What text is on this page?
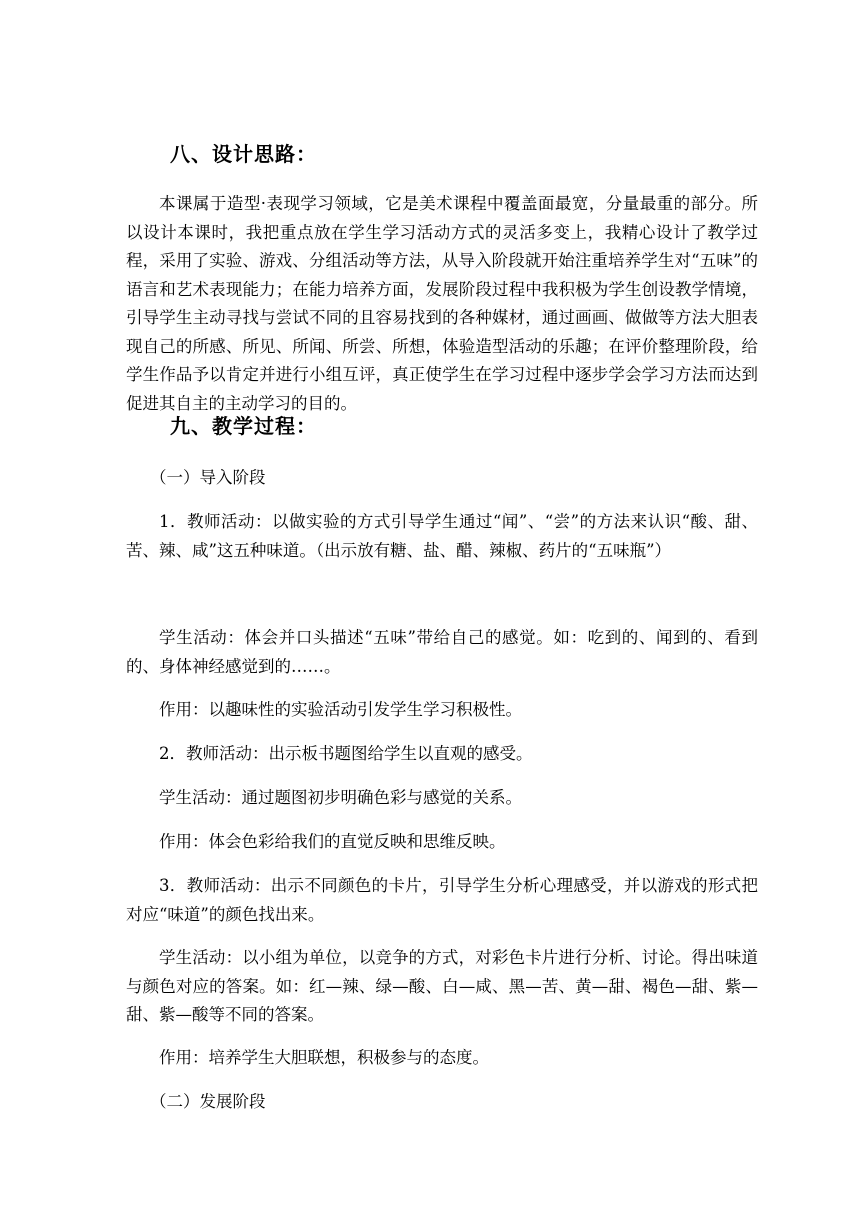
八、设计思路：

本课属于造型·表现学习领域，它是美术课程中覆盖面最宽，分量最重的部分。所以设计本课时，我把重点放在学生学习活动方式的灵活多变上，我精心设计了教学过程，采用了实验、游戏、分组活动等方法，从导入阶段就开始注重培养学生对“五味”的语言和艺术表现能力；在能力培养方面，发展阶段过程中我积极为学生创设教学情境，引导学生主动寻找与尝试不同的且容易找到的各种媒材，通过画画、做做等方法大胆表现自己的所感、所见、所闻、所尝、所想，体验造型活动的乐趣；在评价整理阶段，给学生作品予以肯定并进行小组互评，真正使学生在学习过程中逐步学会学习方法而达到促进其自主的主动学习的目的。

九、教学过程：

（一）导入阶段

1．教师活动：以做实验的方式引导学生通过“闻”、“尝”的方法来认识“酸、甜、苦、辣、咸”这五种味道。（出示放有糖、盐、醋、辣椒、药片的“五味瓶”）

学生活动：体会并口头描述“五味”带给自己的感觉。如：吃到的、闻到的、看到的、身体神经感觉到的……。

作用：以趣味性的实验活动引发学生学习积极性。

2．教师活动：出示板书题图给学生以直观的感受。

学生活动：通过题图初步明确色彩与感觉的关系。

作用：体会色彩给我们的直觉反映和思维反映。

3．教师活动：出示不同颜色的卡片，引导学生分析心理感受，并以游戏的形式把对应“味道”的颜色找出来。

学生活动：以小组为单位，以竞争的方式，对彩色卡片进行分析、讨论。得出味道与颜色对应的答案。如：红—辣、绿—酸、白—咸、黑—苦、黄—甜、褐色—甜、紫—甜、紫—酸等不同的答案。

作用：培养学生大胆联想，积极参与的态度。

（二）发展阶段
